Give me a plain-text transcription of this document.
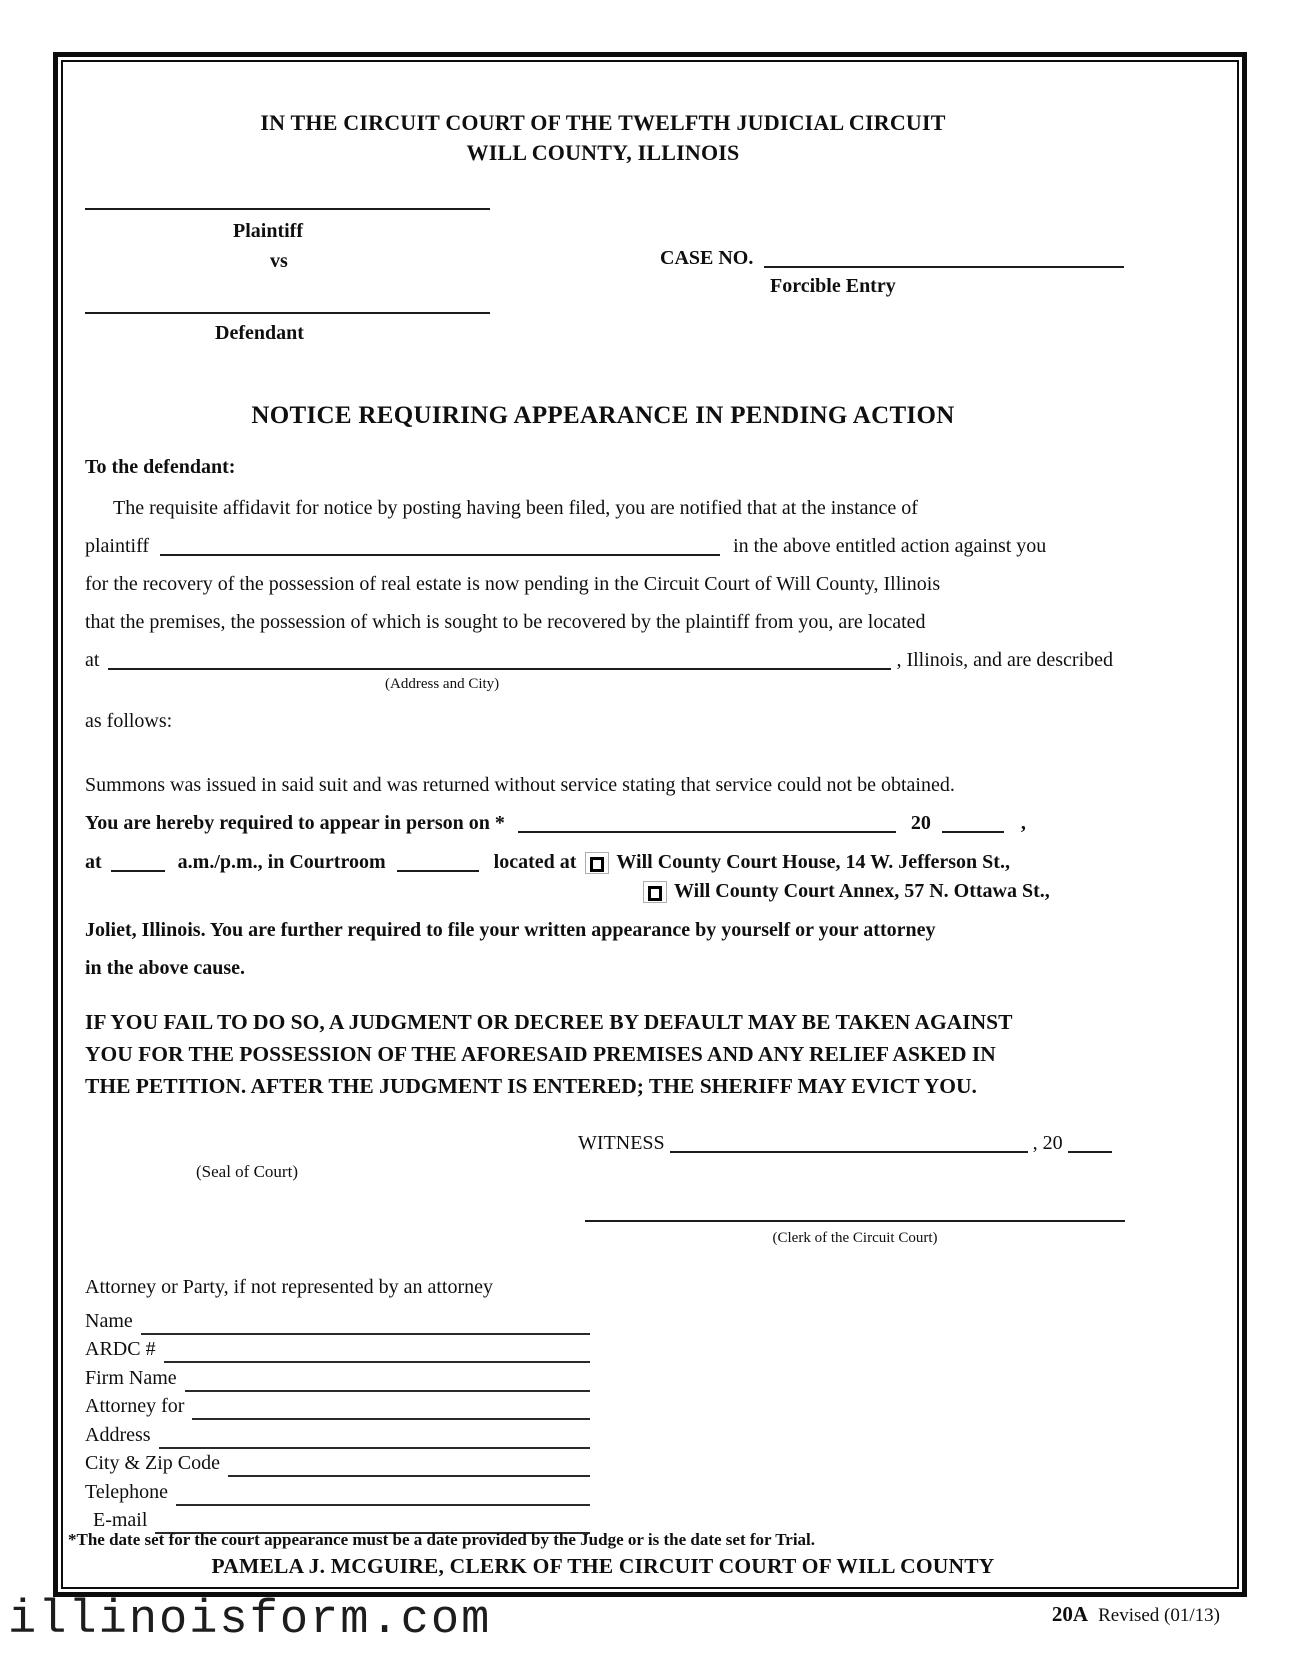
IN THE CIRCUIT COURT OF THE TWELFTH JUDICIAL CIRCUIT
WILL COUNTY, ILLINOIS
Plaintiff
vs	CASE NO.
Forcible Entry
Defendant
NOTICE REQUIRING APPEARANCE IN PENDING ACTION
To the defendant:
The requisite affidavit for notice by posting having been filed, you are notified that at the instance of
plaintiff	in the above entitled action against you
for the recovery of the possession of real estate is now pending in the Circuit Court of Will County, Illinois
that the premises, the possession of which is sought to be recovered by the plaintiff from you, are located
at	, Illinois, and are described
(Address and City)
as follows:
Summons was issued in said suit and was returned without service stating that service could not be obtained.
You are hereby required to appear in person on *	20	,
at	a.m./p.m., in Courtroom	located at Will County Court House, 14 W. Jefferson St.,
Will County Court Annex, 57 N. Ottawa St.,
Joliet, Illinois. You are further required to file your written appearance by yourself or your attorney
in the above cause.
IF YOU FAIL TO DO SO, A JUDGMENT OR DECREE BY DEFAULT MAY BE TAKEN AGAINST
YOU FOR THE POSSESSION OF THE AFORESAID PREMISES AND ANY RELIEF ASKED IN
THE PETITION. AFTER THE JUDGMENT IS ENTERED; THE SHERIFF MAY EVICT YOU.
WITNESS	, 20
(Seal of Court)
(Clerk of the Circuit Court)
Attorney or Party, if not represented by an attorney
Name
ARDC #
Firm Name
Attorney for
Address
City & Zip Code
Telephone
E-mail
*The date set for the court appearance must be a date provided by the Judge or is the date set for Trial.
PAMELA J. MCGUIRE, CLERK OF THE CIRCUIT COURT OF WILL COUNTY
illinoisform.com	20A Revised (01/13)
